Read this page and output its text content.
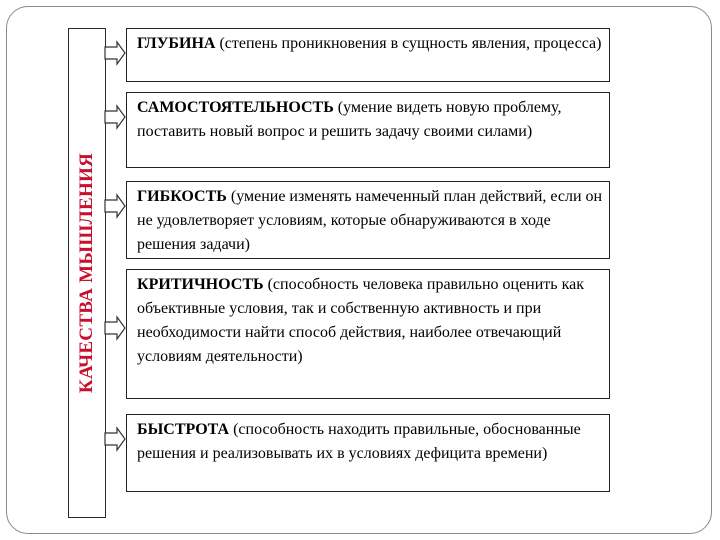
КАЧЕСТВА МЫШЛЕНИЯ
ГЛУБИНА (степень проникновения в сущность явления, процесса)
САМОСТОЯТЕЛЬНОСТЬ (умение видеть новую проблему, поставить новый вопрос и решить задачу своими силами)
ГИБКОСТЬ (умение изменять намеченный план действий, если он не удовлетворяет условиям, которые обнаруживаются в ходе решения задачи)
КРИТИЧНОСТЬ (способность человека правильно оценить как объективные условия, так и собственную активность и при необходимости найти способ действия, наиболее отвечающий условиям деятельности)
БЫСТРОТА (способность находить правильные, обоснованные решения и реализовывать их в условиях дефицита времени)
